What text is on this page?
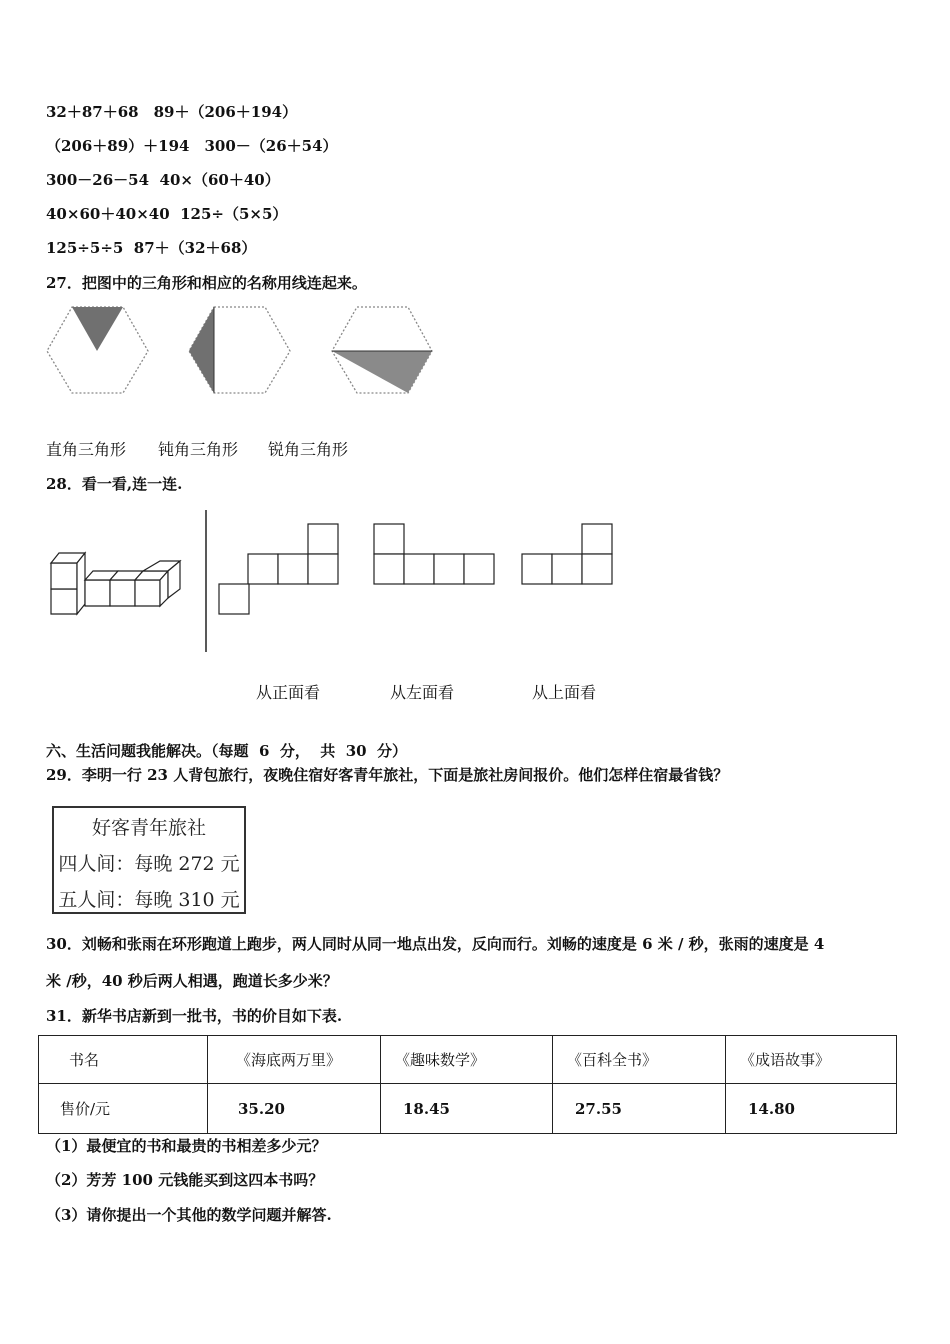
32＋87＋68　89＋（206＋194）
（206＋89）＋194　300－（26＋54）
300－26－54  40×（60＋40）
40×60＋40×40  125÷（5×5）
125÷5÷5  87＋（32＋68）
27．把图中的三角形和相应的名称用线连起来。
直角三角形 钝角三角形 锐角三角形
28．看一看,连一连.
从正面看	从左面看	从上面看
六、生活问题我能解决。（每题  6  分，  共  30  分）
29．李明一行 23 人背包旅行，夜晚住宿好客青年旅社，下面是旅社房间报价。他们怎样住宿最省钱？
好客青年旅社
四人间：每晚 272 元
五人间：每晚 310 元
30．刘畅和张雨在环形跑道上跑步，两人同时从同一地点出发，反向而行。刘畅的速度是 6 米 / 秒，张雨的速度是 4
米 /秒，40 秒后两人相遇，跑道长多少米？
31．新华书店新到一批书，书的价目如下表.
书名	《海底两万里》	《趣味数学》	《百科全书》	《成语故事》

售价/元	35.20	18.45	27.55	14.80
（1）最便宜的书和最贵的书相差多少元？
（2）芳芳 100 元钱能买到这四本书吗？
（3）请你提出一个其他的数学问题并解答.
